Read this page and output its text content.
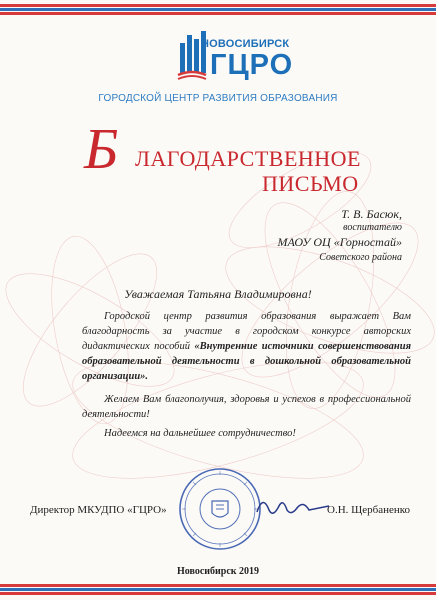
НОВОСИБИРСК
ГЦРО
ГОРОДСКОЙ ЦЕНТР РАЗВИТИЯ ОБРАЗОВАНИЯ
Б ЛАГОДАРСТВЕННОЕ
ПИСЬМО
Т. В. Басюк,
воспитателю
МАОУ ОЦ «Горностай»
Советского района
Уважаемая Татьяна Владимировна!
Городской центр развития образования выражает Вам благодарность за участие в городском конкурсе авторских дидактических пособий «Внутренние источники совершенствования образовательной деятельности в дошкольной образовательной организации».
Желаем Вам благополучия, здоровья и успехов в профессиональной деятельности!
Надеемся на дальнейшее сотрудничество!
Директор МКУДПО «ГЦРО»	О.Н. Щербаненко
Новосибирск 2019
